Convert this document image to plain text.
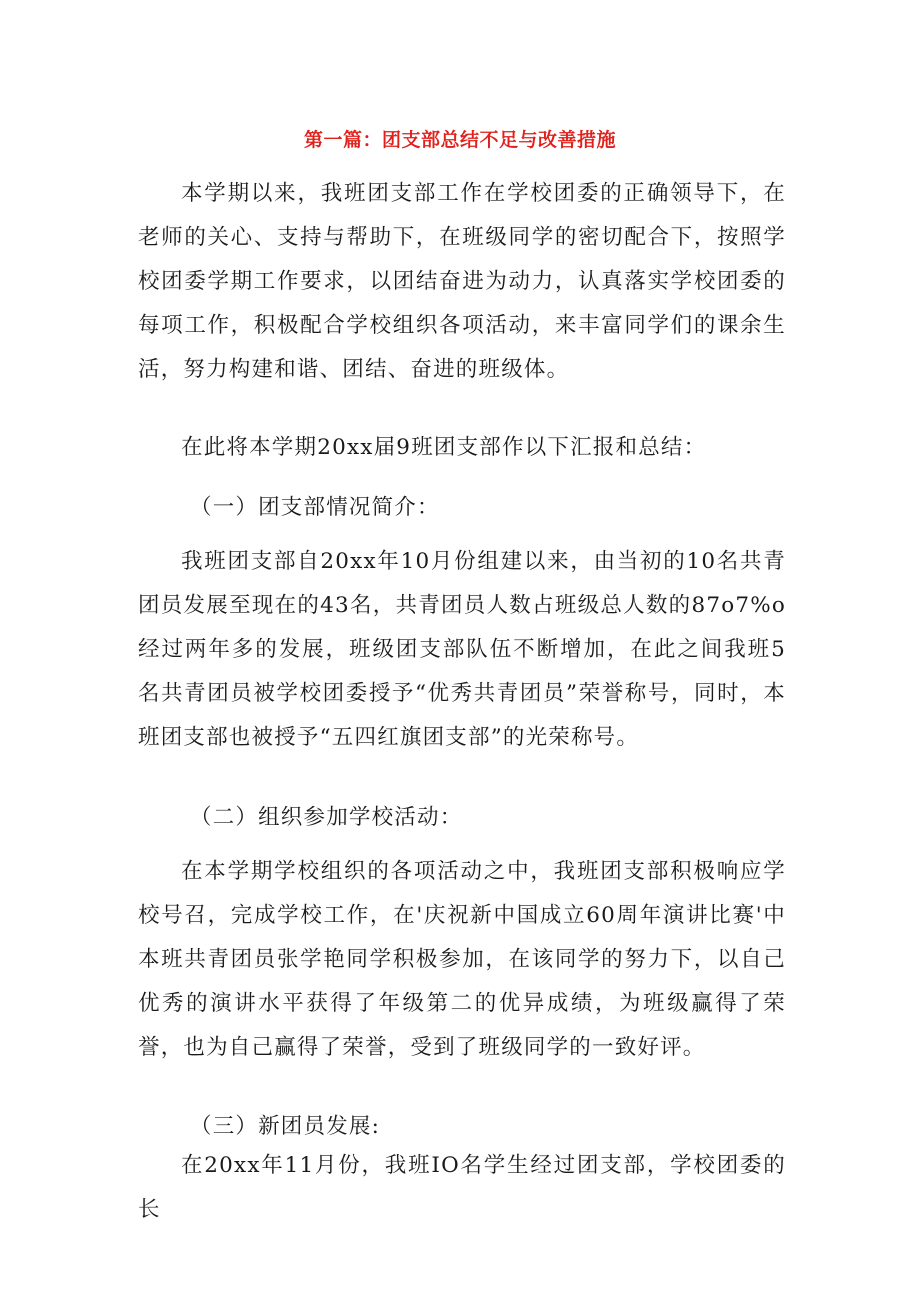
第一篇：团支部总结不足与改善措施

本学期以来，我班团支部工作在学校团委的正确领导下，在老师的关心、支持与帮助下，在班级同学的密切配合下，按照学校团委学期工作要求，以团结奋进为动力，认真落实学校团委的每项工作，积极配合学校组织各项活动，来丰富同学们的课余生活，努力构建和谐、团结、奋进的班级体。

在此将本学期20xx届9班团支部作以下汇报和总结：

（一）团支部情况简介：

我班团支部自20xx年10月份组建以来，由当初的10名共青团员发展至现在的43名，共青团员人数占班级总人数的87o7%o经过两年多的发展，班级团支部队伍不断增加，在此之间我班5名共青团员被学校团委授予“优秀共青团员”荣誉称号，同时，本班团支部也被授予“五四红旗团支部”的光荣称号。

（二）组织参加学校活动：

在本学期学校组织的各项活动之中，我班团支部积极响应学校号召，完成学校工作，在'庆祝新中国成立60周年演讲比赛'中本班共青团员张学艳同学积极参加，在该同学的努力下，以自己优秀的演讲水平获得了年级第二的优异成绩，为班级赢得了荣誉，也为自己赢得了荣誉，受到了班级同学的一致好评。

（三）新团员发展:

在20xx年11月份，我班IO名学生经过团支部，学校团委的长
